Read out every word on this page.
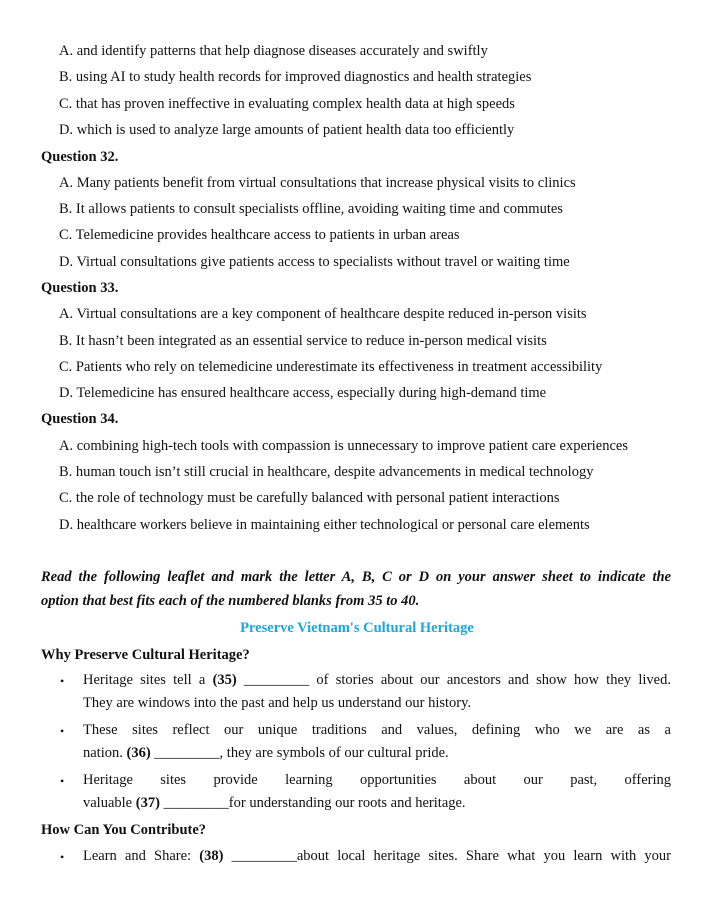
A. and identify patterns that help diagnose diseases accurately and swiftly
B. using AI to study health records for improved diagnostics and health strategies
C. that has proven ineffective in evaluating complex health data at high speeds
D. which is used to analyze large amounts of patient health data too efficiently
Question 32.
A. Many patients benefit from virtual consultations that increase physical visits to clinics
B. It allows patients to consult specialists offline, avoiding waiting time and commutes
C. Telemedicine provides healthcare access to patients in urban areas
D. Virtual consultations give patients access to specialists without travel or waiting time
Question 33.
A. Virtual consultations are a key component of healthcare despite reduced in-person visits
B. It hasn’t been integrated as an essential service to reduce in-person medical visits
C. Patients who rely on telemedicine underestimate its effectiveness in treatment accessibility
D. Telemedicine has ensured healthcare access, especially during high-demand time
Question 34.
A. combining high-tech tools with compassion is unnecessary to improve patient care experiences
B. human touch isn’t still crucial in healthcare, despite advancements in medical technology
C. the role of technology must be carefully balanced with personal patient interactions
D. healthcare workers believe in maintaining either technological or personal care elements
Read the following leaflet and mark the letter A, B, C or D on your answer sheet to indicate the
option that best fits each of the numbered blanks from 35 to 40.
Preserve Vietnam's Cultural Heritage
Why Preserve Cultural Heritage?
• Heritage sites tell a (35) _________ of stories about our ancestors and show how they lived.
They are windows into the past and help us understand our history.
• These sites reflect our unique traditions and values, defining who we are as a
nation. (36) _________, they are symbols of our cultural pride.
• Heritage sites provide learning opportunities about our past, offering
valuable (37) _________for understanding our roots and heritage.
How Can You Contribute?
• Learn and Share: (38) _________about local heritage sites. Share what you learn with your
